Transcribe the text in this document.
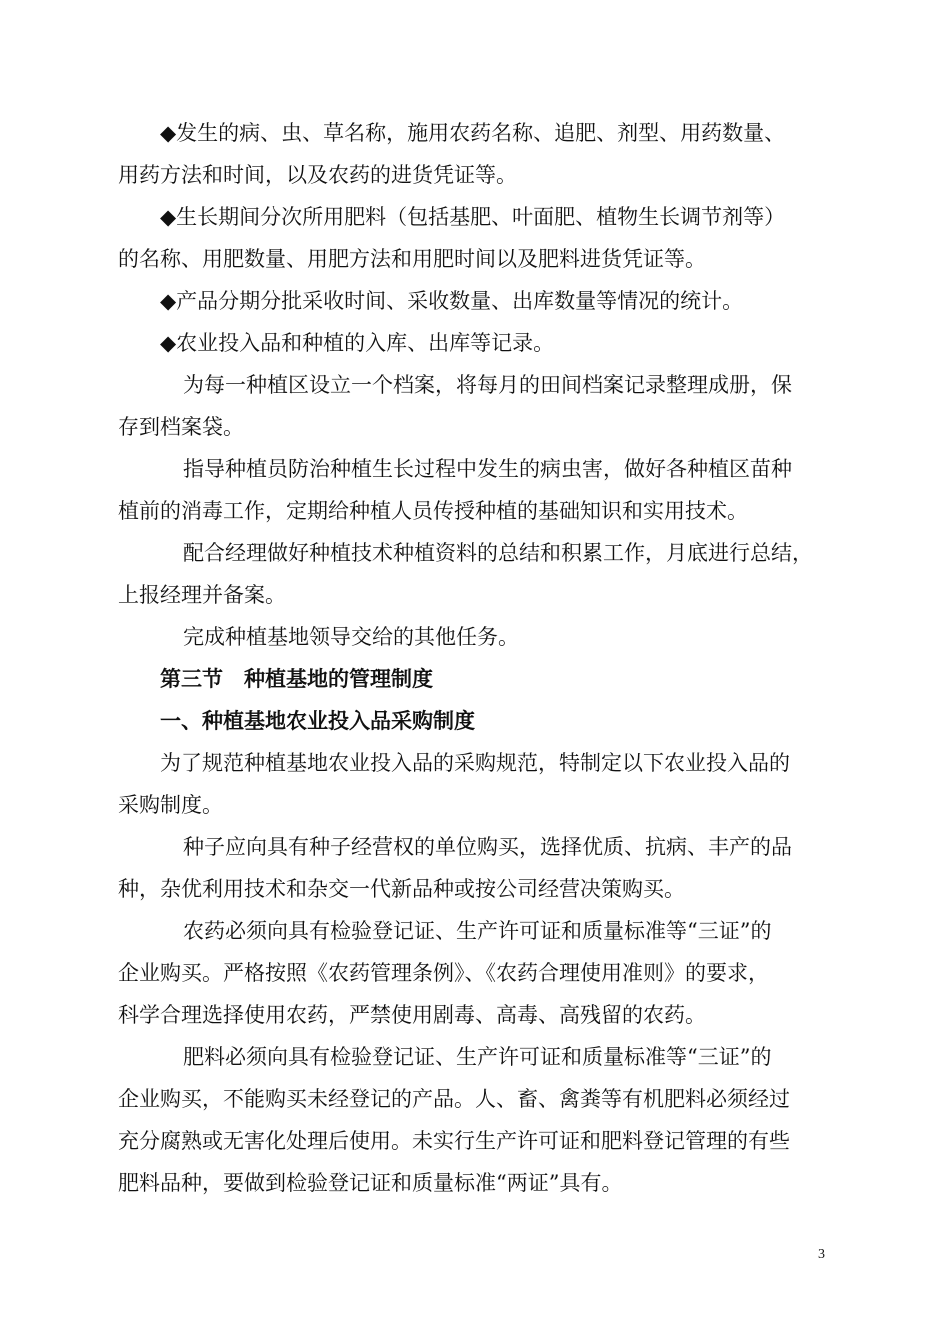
◆发生的病、虫、草名称，施用农药名称、追肥、剂型、用药数量、
用药方法和时间，以及农药的进货凭证等。
◆生长期间分次所用肥料（包括基肥、叶面肥、植物生长调节剂等）
的名称、用肥数量、用肥方法和用肥时间以及肥料进货凭证等。
◆产品分期分批采收时间、采收数量、出库数量等情况的统计。
◆农业投入品和种植的入库、出库等记录。
为每一种植区设立一个档案，将每月的田间档案记录整理成册，保
存到档案袋。
指导种植员防治种植生长过程中发生的病虫害，做好各种植区苗种
植前的消毒工作，定期给种植人员传授种植的基础知识和实用技术。
配合经理做好种植技术种植资料的总结和积累工作，月底进行总结，
上报经理并备案。
完成种植基地领导交给的其他任务。
第三节　种植基地的管理制度
一、种植基地农业投入品采购制度
为了规范种植基地农业投入品的采购规范，特制定以下农业投入品的
采购制度。
种子应向具有种子经营权的单位购买，选择优质、抗病、丰产的品
种，杂优利用技术和杂交一代新品种或按公司经营决策购买。
农药必须向具有检验登记证、生产许可证和质量标准等“三证”的
企业购买。严格按照《农药管理条例》、《农药合理使用准则》的要求，
科学合理选择使用农药，严禁使用剧毒、高毒、高残留的农药。
肥料必须向具有检验登记证、生产许可证和质量标准等“三证”的
企业购买，不能购买未经登记的产品。人、畜、禽粪等有机肥料必须经过
充分腐熟或无害化处理后使用。未实行生产许可证和肥料登记管理的有些
肥料品种，要做到检验登记证和质量标准“两证”具有。
3
